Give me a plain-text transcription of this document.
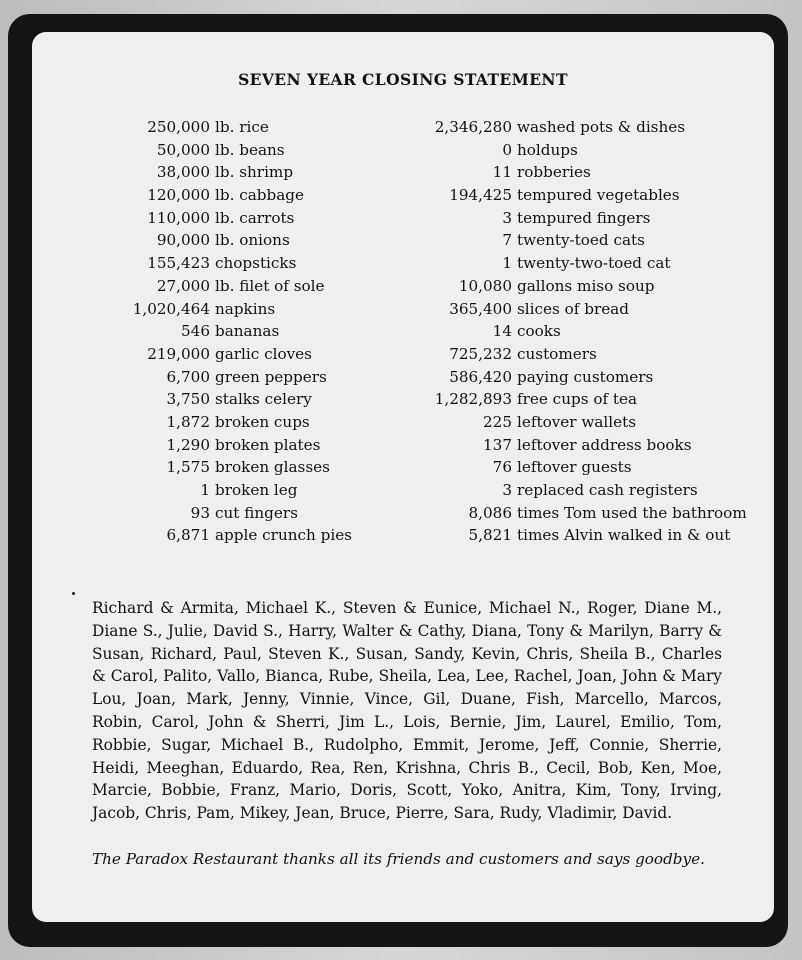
SEVEN YEAR CLOSING STATEMENT
250,000 lb. rice
50,000 lb. beans
38,000 lb. shrimp
120,000 lb. cabbage
110,000 lb. carrots
90,000 lb. onions
155,423 chopsticks
27,000 lb. filet of sole
1,020,464 napkins
546 bananas
219,000 garlic cloves
6,700 green peppers
3,750 stalks celery
1,872 broken cups
1,290 broken plates
1,575 broken glasses
1 broken leg
93 cut fingers
6,871 apple crunch pies
2,346,280 washed pots & dishes
0 holdups
11 robberies
194,425 tempured vegetables
3 tempured fingers
7 twenty-toed cats
1 twenty-two-toed cat
10,080 gallons miso soup
365,400 slices of bread
14 cooks
725,232 customers
586,420 paying customers
1,282,893 free cups of tea
225 leftover wallets
137 leftover address books
76 leftover guests
3 replaced cash registers
8,086 times Tom used the bathroom
5,821 times Alvin walked in & out
Richard & Armita, Michael K., Steven & Eunice, Michael N., Roger, Diane M., Diane S., Julie, David S., Harry, Walter & Cathy, Diana, Tony & Marilyn, Barry & Susan, Richard, Paul, Steven K., Susan, Sandy, Kevin, Chris, Sheila B., Charles & Carol, Palito, Vallo, Bianca, Rube, Sheila, Lea, Lee, Rachel, Joan, John & Mary Lou, Joan, Mark, Jenny, Vinnie, Vince, Gil, Duane, Fish, Marcello, Marcos, Robin, Carol, John & Sherri, Jim L., Lois, Bernie, Jim, Laurel, Emilio, Tom, Robbie, Sugar, Michael B., Rudolpho, Emmit, Jerome, Jeff, Connie, Sherrie, Heidi, Meeghan, Eduardo, Rea, Ren, Krishna, Chris B., Cecil, Bob, Ken, Moe, Marcie, Bobbie, Franz, Mario, Doris, Scott, Yoko, Anitra, Kim, Tony, Irving, Jacob, Chris, Pam, Mikey, Jean, Bruce, Pierre, Sara, Rudy, Vladimir, David.
The Paradox Restaurant thanks all its friends and customers and says goodbye.
